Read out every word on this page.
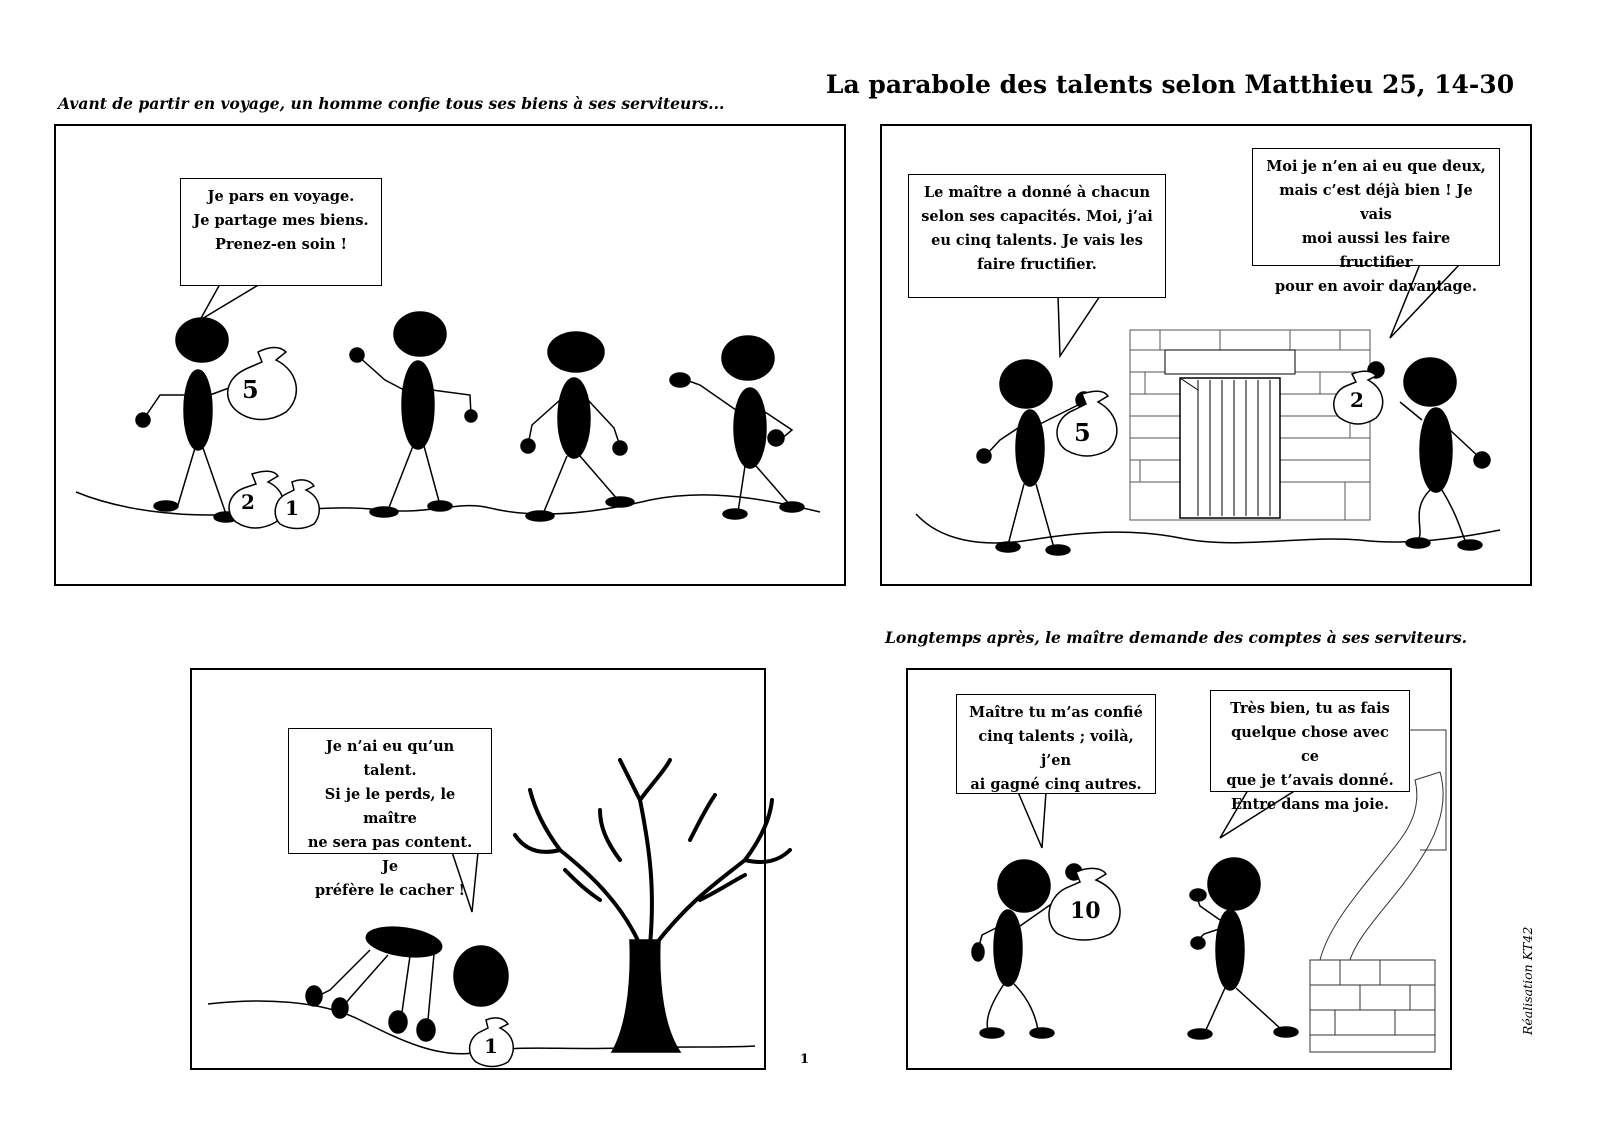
La parabole des talents selon Matthieu 25, 14-30
Avant de partir en voyage, un homme confie tous ses biens à ses serviteurs...
Longtemps après, le maître demande des comptes à ses serviteurs.
5
2 1
5
2
1
10
Je pars en voyage.
Je partage mes biens.
Prenez-en soin !
Le maître a donné à chacun
selon ses capacités. Moi, j’ai
eu cinq talents. Je vais les
faire fructifier.
Moi je n’en ai eu que deux,
mais c’est déjà bien ! Je vais
moi aussi les faire fructifier
pour en avoir davantage.
Je n’ai eu qu’un talent.
Si je le perds, le maître
ne sera pas content. Je
préfère le cacher !
Maître tu m’as confié
cinq talents ; voilà, j’en
ai gagné cinq autres.
Très bien, tu as fais
quelque chose avec ce
que je t’avais donné.
Entre dans ma joie.
1
Réalisation KT42
